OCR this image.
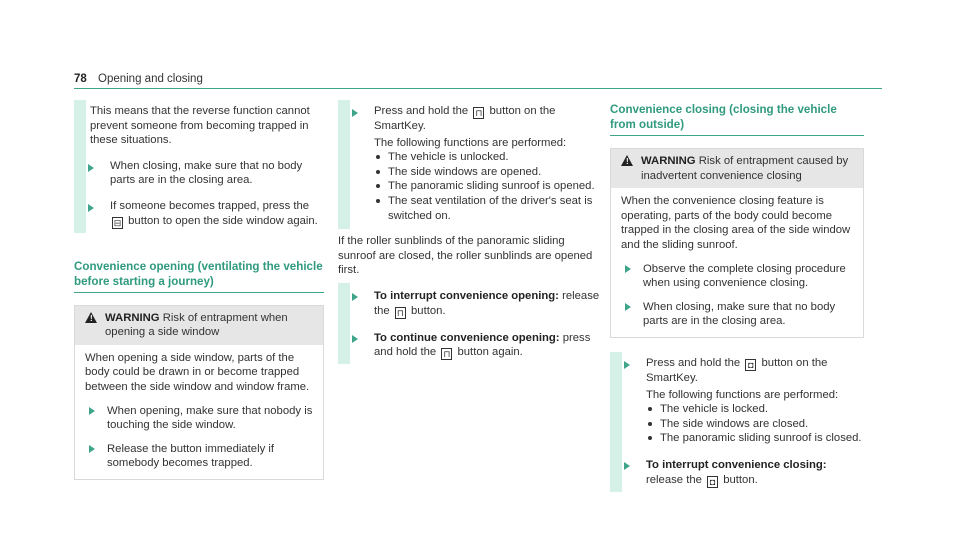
78 Opening and closing

This means that the reverse function cannot prevent someone from becoming trapped in these situations.

When closing, make sure that no body parts are in the closing area.

If someone becomes trapped, press the
⊟ button to open the side window again.

Convenience opening (ventilating the vehicle before starting a journey)
!	WARNING Risk of entrapment when opening a side window

When opening a side window, parts of the body could be drawn in or become trapped between the side window and window frame.

When opening, make sure that nobody is touching the side window.

Release the button immediately if somebody becomes trapped.

Press and hold the ⊓ button on the SmartKey.

The following functions are performed:

The vehicle is unlocked.

The side windows are opened.

The panoramic sliding sunroof is opened.

The seat ventilation of the driver's seat is switched on.

If the roller sunblinds of the panoramic sliding sunroof are closed, the roller sunblinds are opened first.

To interrupt convenience opening: release the ⊓ button.

To continue convenience opening: press and hold the ⊓ button again.

Convenience closing (closing the vehicle from outside)
!	WARNING Risk of entrapment caused by inadvertent convenience closing

When the convenience closing feature is operating, parts of the body could become trapped in the closing area of the side window and the sliding sunroof.

Observe the complete closing procedure when using convenience closing.

When closing, make sure that no body parts are in the closing area.

Press and hold the ◘ button on the SmartKey.

The following functions are performed:

The vehicle is locked.

The side windows are closed.

The panoramic sliding sunroof is closed.

To interrupt convenience closing: release the ◘ button.
